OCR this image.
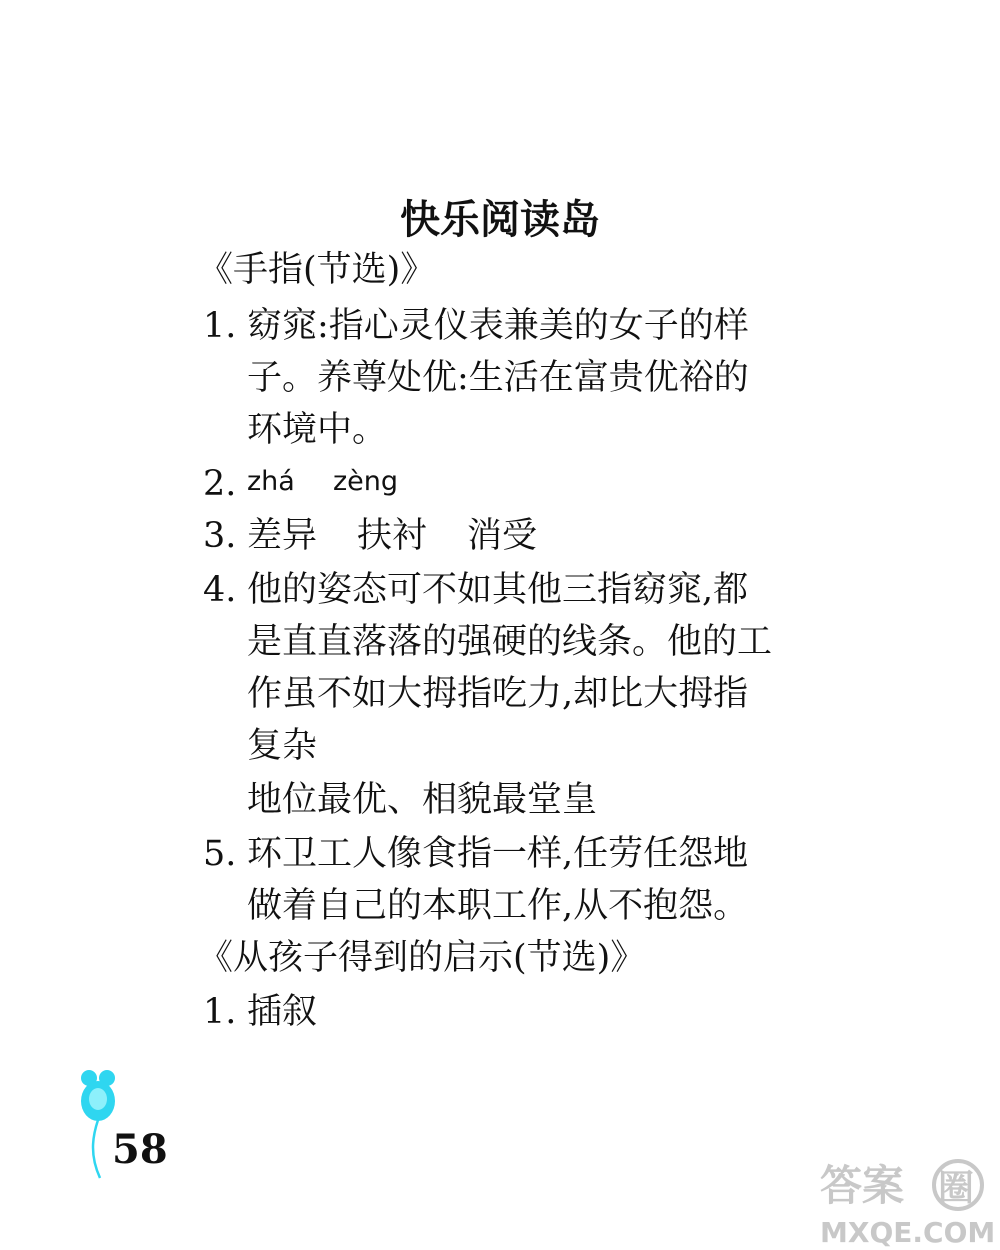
快乐阅读岛
《手指(节选)》
1. 窈窕:指心灵仪表兼美的女子的样
子。养尊处优:生活在富贵优裕的
环境中。
2. zhá zèng
3. 差异 扶衬 消受
4. 他的姿态可不如其他三指窈窕,都
是直直落落的强硬的线条。他的工
作虽不如大拇指吃力,却比大拇指
复杂
地位最优、相貌最堂皇
5. 环卫工人像食指一样,任劳任怨地
做着自己的本职工作,从不抱怨。
《从孩子得到的启示(节选)》
1. 插叙
58
答案 圈
MXQE.COM
